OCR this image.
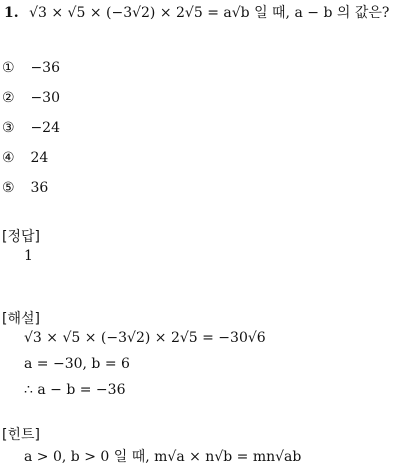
1. √3 × √5 × (−3√2) × 2√5 = a√b 일 때, a − b 의 값은?
① −36
② −30
③ −24
④ 24
⑤ 36
[정답]
1
[해설]
√3 × √5 × (−3√2) × 2√5 = −30√6
a = −30, b = 6
∴ a − b = −36
[힌트]
a > 0, b > 0 일 때, m√a × n√b = mn√ab
